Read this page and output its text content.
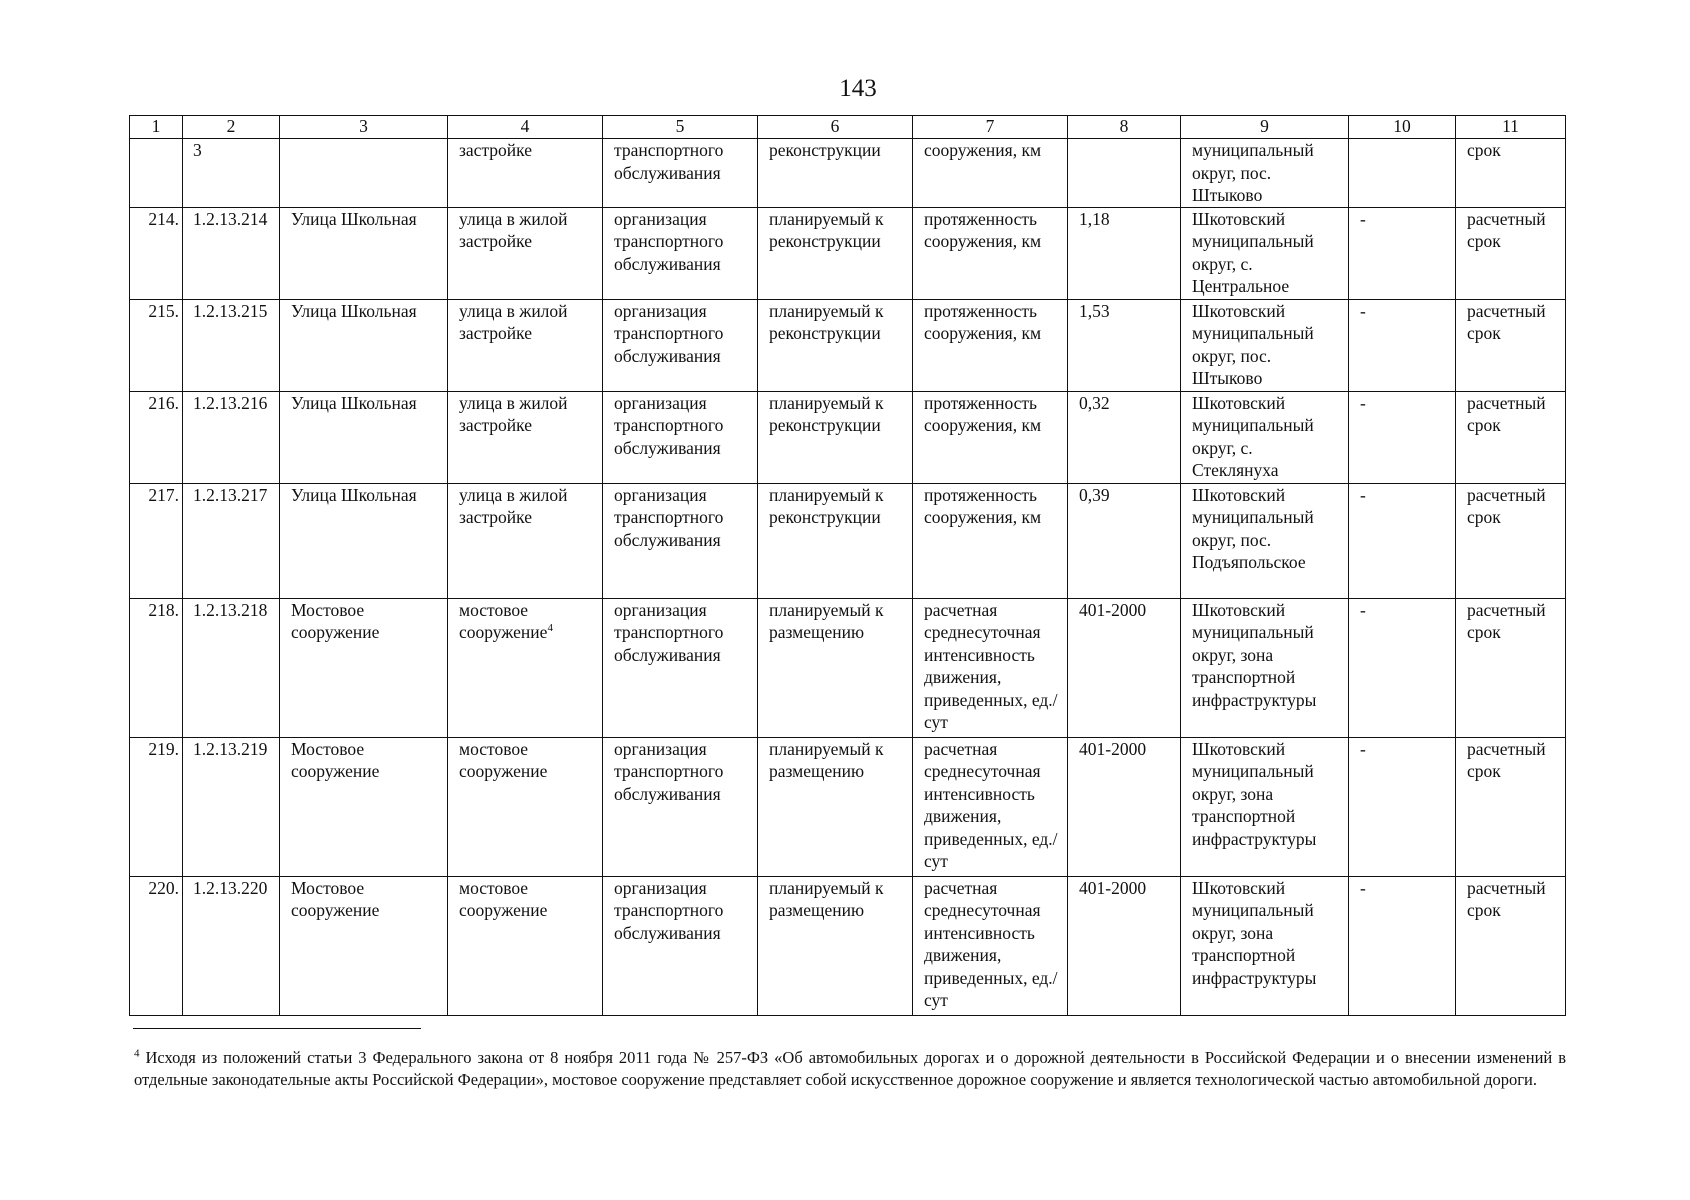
143
1	2	3	4	5	6	7	8	9	10	11
	3		застройке	транспортного обслуживания	реконструкции	сооружения, км		муниципальный округ, пос. Штыково		срок
214.	1.2.13.214	Улица Школьная	улица в жилой застройке	организация транспортного обслуживания	планируемый к реконструкции	протяженность сооружения, км	1,18	Шкотовский муниципальный округ, с. Центральное	-	расчетный срок
215.	1.2.13.215	Улица Школьная	улица в жилой застройке	организация транспортного обслуживания	планируемый к реконструкции	протяженность сооружения, км	1,53	Шкотовский муниципальный округ, пос. Штыково	-	расчетный срок
216.	1.2.13.216	Улица Школьная	улица в жилой застройке	организация транспортного обслуживания	планируемый к реконструкции	протяженность сооружения, км	0,32	Шкотовский муниципальный округ, с. Стеклянуха	-	расчетный срок
217.	1.2.13.217	Улица Школьная	улица в жилой застройке	организация транспортного обслуживания	планируемый к реконструкции	протяженность сооружения, км	0,39	Шкотовский муниципальный округ, пос. Подъяпольское	-	расчетный срок
218.	1.2.13.218	Мостовое сооружение	мостовое сооружение$^4$	организация транспортного обслуживания	планируемый к размещению	расчетная среднесуточная интенсивность движения, приведенных, ед./сут	401-2000	Шкотовский муниципальный округ, зона транспортной инфраструктуры	-	расчетный срок
219.	1.2.13.219	Мостовое сооружение	мостовое сооружение	организация транспортного обслуживания	планируемый к размещению	расчетная среднесуточная интенсивность движения, приведенных, ед./сут	401-2000	Шкотовский муниципальный округ, зона транспортной инфраструктуры	-	расчетный срок
220.	1.2.13.220	Мостовое сооружение	мостовое сооружение	организация транспортного обслуживания	планируемый к размещению	расчетная среднесуточная интенсивность движения, приведенных, ед./сут	401-2000	Шкотовский муниципальный округ, зона транспортной инфраструктуры	-	расчетный срок
$^4$ Исходя из положений статьи 3 Федерального закона от 8 ноября 2011 года № 257-ФЗ «Об автомобильных дорогах и о дорожной деятельности в Российской Федерации и о внесении изменений в отдельные законодательные акты Российской Федерации», мостовое сооружение представляет собой искусственное дорожное сооружение и является технологической частью автомобильной дороги.
